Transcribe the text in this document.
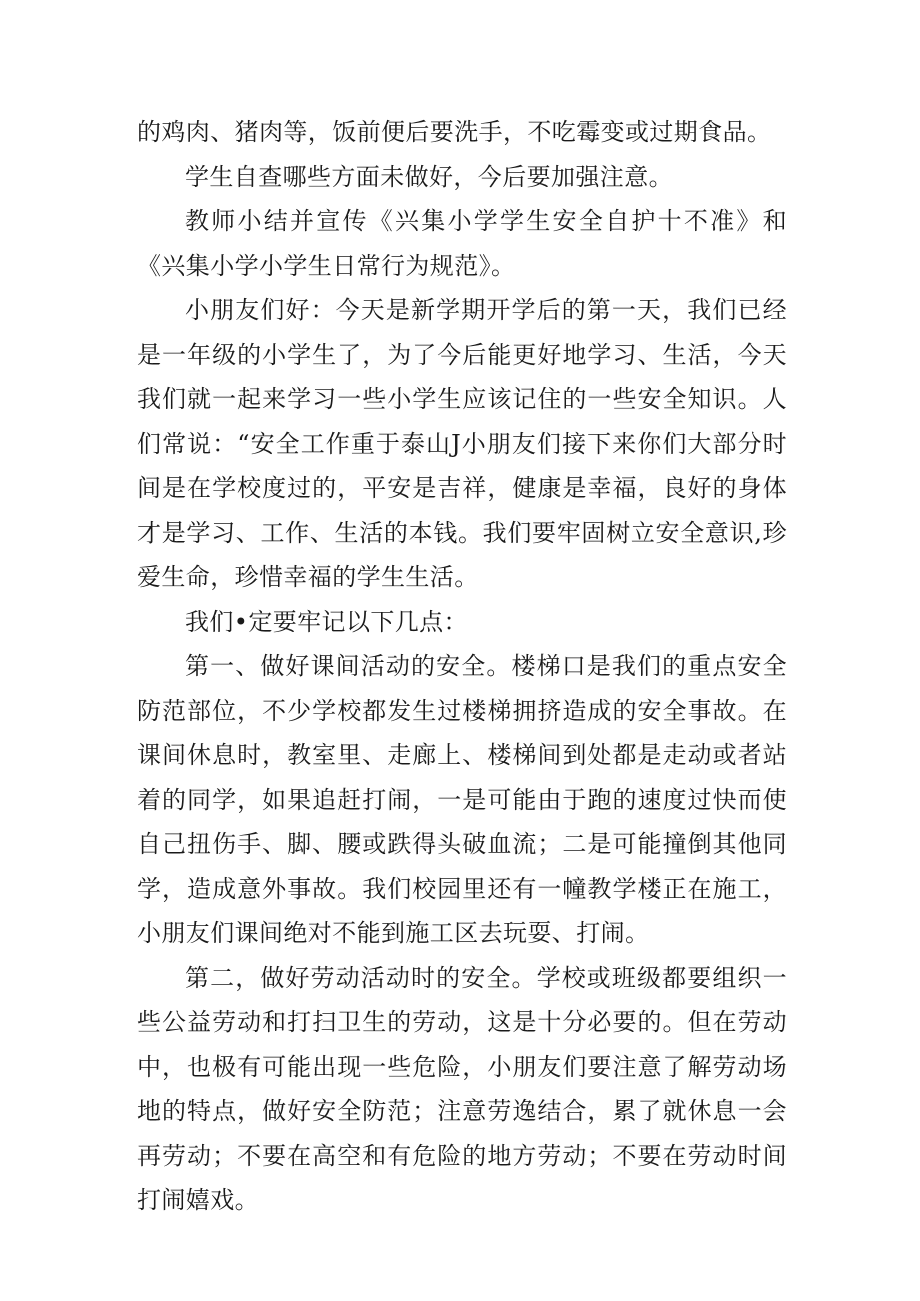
的鸡肉、猪肉等，饭前便后要洗手，不吃霉变或过期食品。

学生自查哪些方面未做好，今后要加强注意。

教师小结并宣传《兴集小学学生安全自护十不准》和《兴集小学小学生日常行为规范》。

小朋友们好：今天是新学期开学后的第一天，我们已经是一年级的小学生了，为了今后能更好地学习、生活，今天我们就一起来学习一些小学生应该记住的一些安全知识。人们常说：“安全工作重于泰山J小朋友们接下来你们大部分时间是在学校度过的，平安是吉祥，健康是幸福，良好的身体才是学习、工作、生活的本钱。我们要牢固树立安全意识,珍爱生命，珍惜幸福的学生生活。

我们•定要牢记以下几点：

第一、做好课间活动的安全。楼梯口是我们的重点安全防范部位，不少学校都发生过楼梯拥挤造成的安全事故。在课间休息时，教室里、走廊上、楼梯间到处都是走动或者站着的同学，如果追赶打闹，一是可能由于跑的速度过快而使自己扭伤手、脚、腰或跌得头破血流；二是可能撞倒其他同学，造成意外事故。我们校园里还有一幢教学楼正在施工，小朋友们课间绝对不能到施工区去玩耍、打闹。

第二，做好劳动活动时的安全。学校或班级都要组织一些公益劳动和打扫卫生的劳动，这是十分必要的。但在劳动中，也极有可能出现一些危险，小朋友们要注意了解劳动场地的特点，做好安全防范；注意劳逸结合，累了就休息一会再劳动；不要在高空和有危险的地方劳动；不要在劳动时间打闹嬉戏。
